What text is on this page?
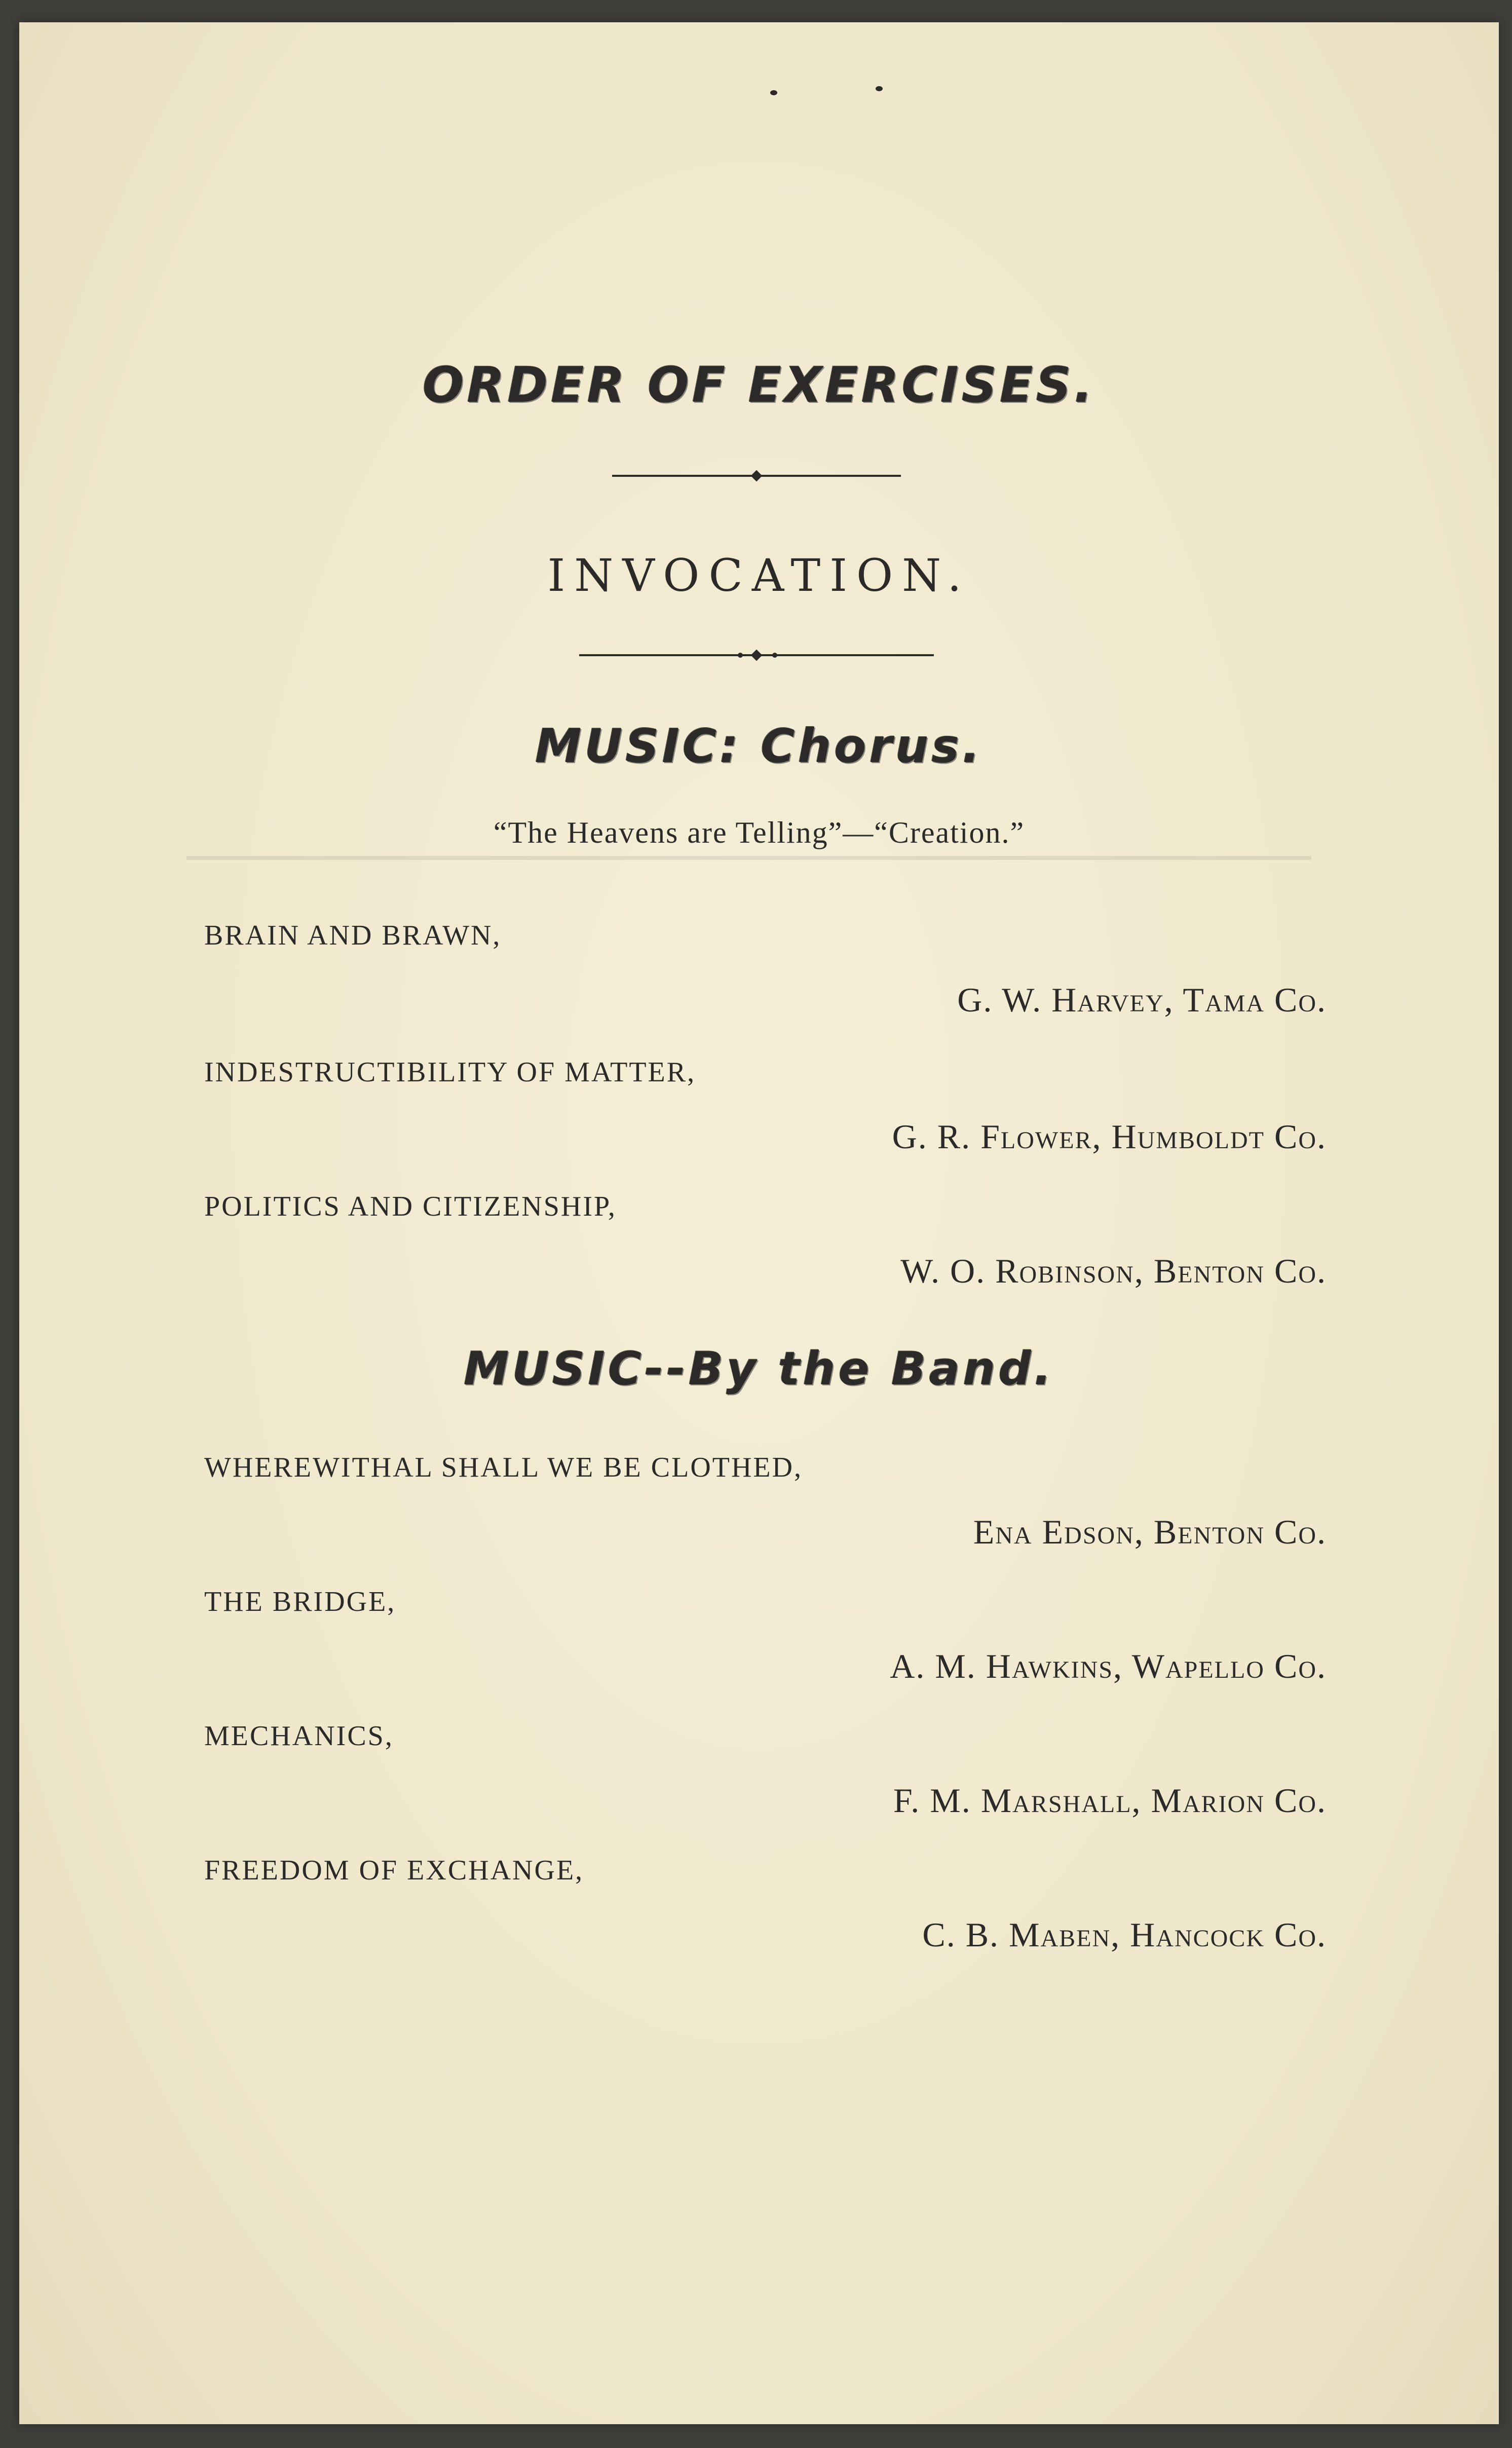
ORDER OF EXERCISES.
INVOCATION.
MUSIC: Chorus.
“The Heavens are Telling”—“Creation.”
BRAIN AND BRAWN,
G. W. Harvey, Tama Co.
INDESTRUCTIBILITY OF MATTER,
G. R. Flower, Humboldt Co.
POLITICS AND CITIZENSHIP,
W. O. Robinson, Benton Co.
MUSIC--By the Band.
WHEREWITHAL SHALL WE BE CLOTHED,
Ena Edson, Benton Co.
THE BRIDGE,
A. M. Hawkins, Wapello Co.
MECHANICS,
F. M. Marshall, Marion Co.
FREEDOM OF EXCHANGE,
C. B. Maben, Hancock Co.
